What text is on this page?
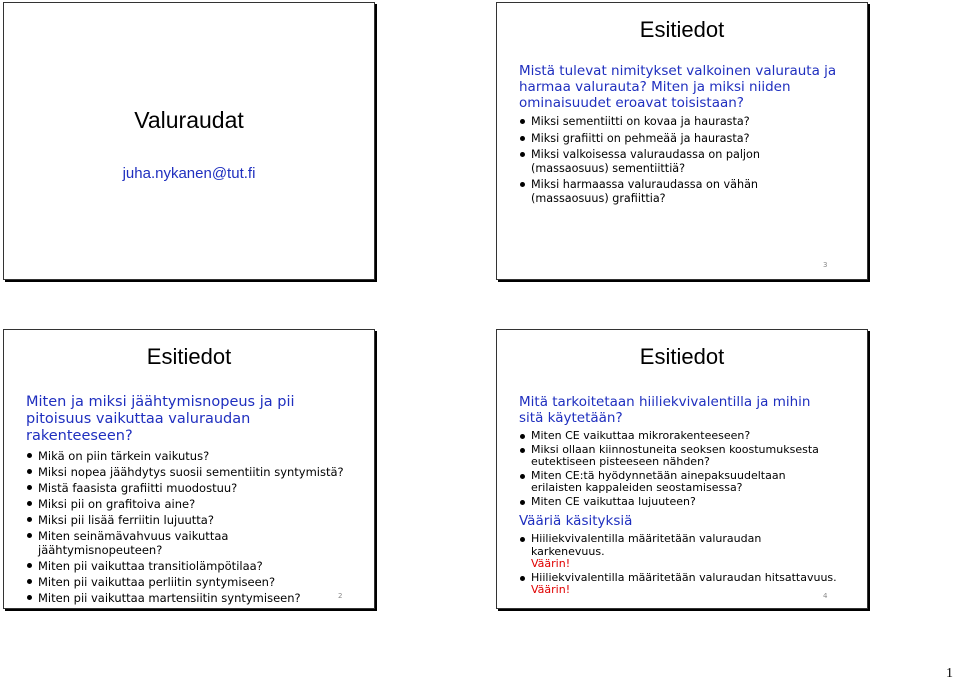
Valuraudat
juha.nykanen@tut.fi
Esitiedot

Mistä tulevat nimitykset valkoinen valurauta ja harmaa valurauta? Miten ja miksi niiden ominaisuudet eroavat toisistaan?

Miksi sementiitti on kovaa ja haurasta?
Miksi grafiitti on pehmeää ja haurasta?
Miksi valkoisessa valuraudassa on paljon (massaosuus) sementiittiä?
Miksi harmaassa valuraudassa on vähän (massaosuus) grafiittia?
3
Esitiedot

Miten ja miksi jäähtymisnopeus ja pii pitoisuus vaikuttaa valuraudan rakenteeseen?

Mikä on piin tärkein vaikutus?
Miksi nopea jäähdytys suosii sementiitin syntymistä?
Mistä faasista grafiitti muodostuu?
Miksi pii on grafitoiva aine?
Miksi pii lisää ferriitin lujuutta?
Miten seinämävahvuus vaikuttaa jäähtymisnopeuteen?
Miten pii vaikuttaa transitiolämpötilaa?
Miten pii vaikuttaa perliitin syntymiseen?
Miten pii vaikuttaa martensiitin syntymiseen?	2
Esitiedot

Mitä tarkoitetaan hiiliekvivalentilla ja mihin sitä käytetään?

Miten CE vaikuttaa mikrorakenteeseen?
Miksi ollaan kiinnostuneita seoksen koostumuksesta eutektiseen pisteeseen nähden?
Miten CE:tä hyödynnetään ainepaksuudeltaan erilaisten kappaleiden seostamisessa?
Miten CE vaikuttaa lujuuteen?

Vääriä käsityksiä

Hiiliekvivalentilla määritetään valuraudan karkenevuus.
Väärin!
Hiiliekvivalentilla määritetään valuraudan hitsattavuus.
Väärin!	4
1
